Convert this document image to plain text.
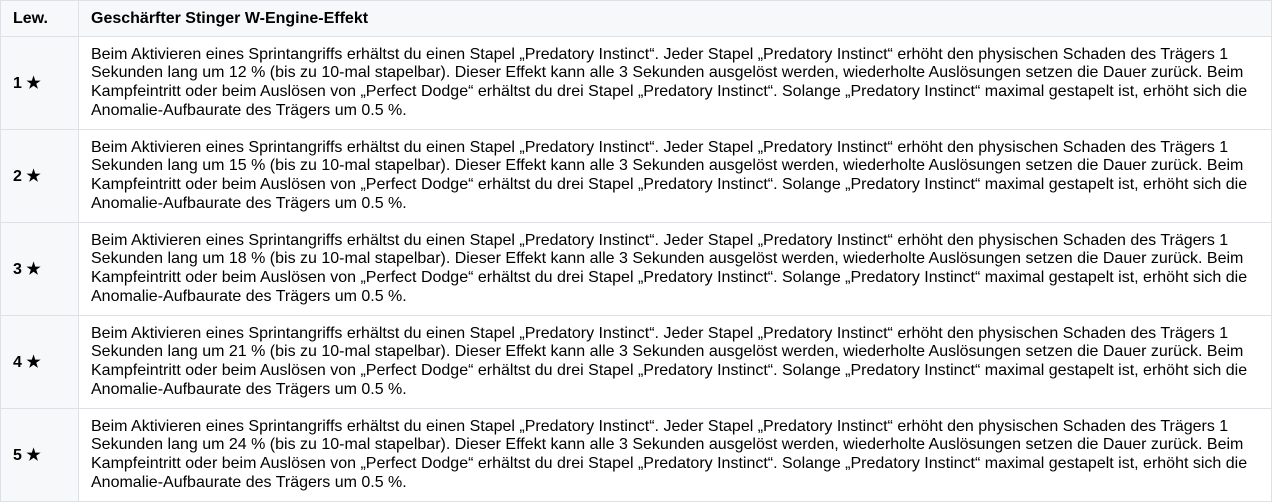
Lew.	Geschärfter Stinger W-Engine-Effekt
1 ★	Beim Aktivieren eines Sprintangriffs erhältst du einen Stapel „Predatory Instinct“. Jeder Stapel „Predatory Instinct“ erhöht den physischen Schaden des Trägers 1 Sekunden lang um 12 % (bis zu 10-mal stapelbar). Dieser Effekt kann alle 3 Sekunden ausgelöst werden, wiederholte Auslösungen setzen die Dauer zurück. Beim Kampfeintritt oder beim Auslösen von „Perfect Dodge“ erhältst du drei Stapel „Predatory Instinct“. Solange „Predatory Instinct“ maximal gestapelt ist, erhöht sich die Anomalie-Aufbaurate des Trägers um 0.5 %.
2 ★	Beim Aktivieren eines Sprintangriffs erhältst du einen Stapel „Predatory Instinct“. Jeder Stapel „Predatory Instinct“ erhöht den physischen Schaden des Trägers 1 Sekunden lang um 15 % (bis zu 10-mal stapelbar). Dieser Effekt kann alle 3 Sekunden ausgelöst werden, wiederholte Auslösungen setzen die Dauer zurück. Beim Kampfeintritt oder beim Auslösen von „Perfect Dodge“ erhältst du drei Stapel „Predatory Instinct“. Solange „Predatory Instinct“ maximal gestapelt ist, erhöht sich die Anomalie-Aufbaurate des Trägers um 0.5 %.
3 ★	Beim Aktivieren eines Sprintangriffs erhältst du einen Stapel „Predatory Instinct“. Jeder Stapel „Predatory Instinct“ erhöht den physischen Schaden des Trägers 1 Sekunden lang um 18 % (bis zu 10-mal stapelbar). Dieser Effekt kann alle 3 Sekunden ausgelöst werden, wiederholte Auslösungen setzen die Dauer zurück. Beim Kampfeintritt oder beim Auslösen von „Perfect Dodge“ erhältst du drei Stapel „Predatory Instinct“. Solange „Predatory Instinct“ maximal gestapelt ist, erhöht sich die Anomalie-Aufbaurate des Trägers um 0.5 %.
4 ★	Beim Aktivieren eines Sprintangriffs erhältst du einen Stapel „Predatory Instinct“. Jeder Stapel „Predatory Instinct“ erhöht den physischen Schaden des Trägers 1 Sekunden lang um 21 % (bis zu 10-mal stapelbar). Dieser Effekt kann alle 3 Sekunden ausgelöst werden, wiederholte Auslösungen setzen die Dauer zurück. Beim Kampfeintritt oder beim Auslösen von „Perfect Dodge“ erhältst du drei Stapel „Predatory Instinct“. Solange „Predatory Instinct“ maximal gestapelt ist, erhöht sich die Anomalie-Aufbaurate des Trägers um 0.5 %.
5 ★	Beim Aktivieren eines Sprintangriffs erhältst du einen Stapel „Predatory Instinct“. Jeder Stapel „Predatory Instinct“ erhöht den physischen Schaden des Trägers 1 Sekunden lang um 24 % (bis zu 10-mal stapelbar). Dieser Effekt kann alle 3 Sekunden ausgelöst werden, wiederholte Auslösungen setzen die Dauer zurück. Beim Kampfeintritt oder beim Auslösen von „Perfect Dodge“ erhältst du drei Stapel „Predatory Instinct“. Solange „Predatory Instinct“ maximal gestapelt ist, erhöht sich die Anomalie-Aufbaurate des Trägers um 0.5 %.
